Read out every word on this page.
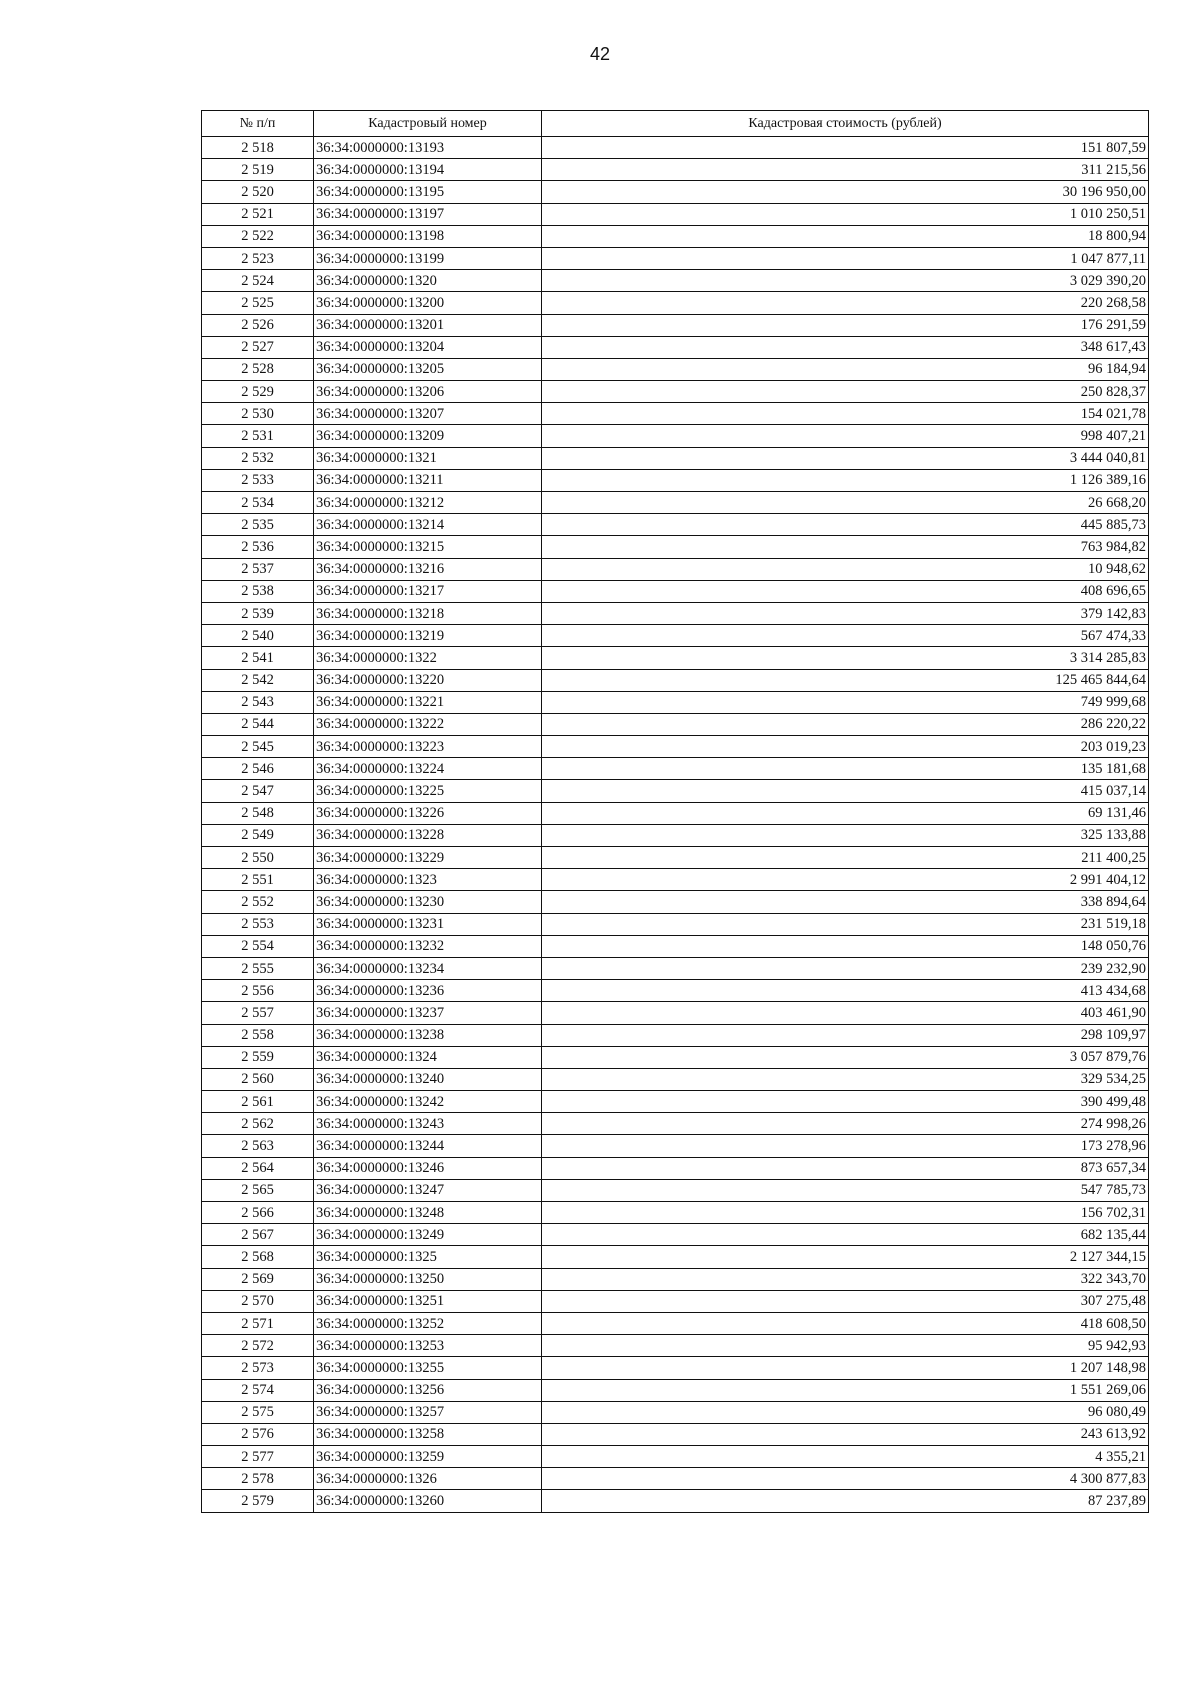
42
№ п/п	Кадастровый номер	Кадастровая стоимость (рублей)
2 518	36:34:0000000:13193	151 807,59
2 519	36:34:0000000:13194	311 215,56
2 520	36:34:0000000:13195	30 196 950,00
2 521	36:34:0000000:13197	1 010 250,51
2 522	36:34:0000000:13198	18 800,94
2 523	36:34:0000000:13199	1 047 877,11
2 524	36:34:0000000:1320	3 029 390,20
2 525	36:34:0000000:13200	220 268,58
2 526	36:34:0000000:13201	176 291,59
2 527	36:34:0000000:13204	348 617,43
2 528	36:34:0000000:13205	96 184,94
2 529	36:34:0000000:13206	250 828,37
2 530	36:34:0000000:13207	154 021,78
2 531	36:34:0000000:13209	998 407,21
2 532	36:34:0000000:1321	3 444 040,81
2 533	36:34:0000000:13211	1 126 389,16
2 534	36:34:0000000:13212	26 668,20
2 535	36:34:0000000:13214	445 885,73
2 536	36:34:0000000:13215	763 984,82
2 537	36:34:0000000:13216	10 948,62
2 538	36:34:0000000:13217	408 696,65
2 539	36:34:0000000:13218	379 142,83
2 540	36:34:0000000:13219	567 474,33
2 541	36:34:0000000:1322	3 314 285,83
2 542	36:34:0000000:13220	125 465 844,64
2 543	36:34:0000000:13221	749 999,68
2 544	36:34:0000000:13222	286 220,22
2 545	36:34:0000000:13223	203 019,23
2 546	36:34:0000000:13224	135 181,68
2 547	36:34:0000000:13225	415 037,14
2 548	36:34:0000000:13226	69 131,46
2 549	36:34:0000000:13228	325 133,88
2 550	36:34:0000000:13229	211 400,25
2 551	36:34:0000000:1323	2 991 404,12
2 552	36:34:0000000:13230	338 894,64
2 553	36:34:0000000:13231	231 519,18
2 554	36:34:0000000:13232	148 050,76
2 555	36:34:0000000:13234	239 232,90
2 556	36:34:0000000:13236	413 434,68
2 557	36:34:0000000:13237	403 461,90
2 558	36:34:0000000:13238	298 109,97
2 559	36:34:0000000:1324	3 057 879,76
2 560	36:34:0000000:13240	329 534,25
2 561	36:34:0000000:13242	390 499,48
2 562	36:34:0000000:13243	274 998,26
2 563	36:34:0000000:13244	173 278,96
2 564	36:34:0000000:13246	873 657,34
2 565	36:34:0000000:13247	547 785,73
2 566	36:34:0000000:13248	156 702,31
2 567	36:34:0000000:13249	682 135,44
2 568	36:34:0000000:1325	2 127 344,15
2 569	36:34:0000000:13250	322 343,70
2 570	36:34:0000000:13251	307 275,48
2 571	36:34:0000000:13252	418 608,50
2 572	36:34:0000000:13253	95 942,93
2 573	36:34:0000000:13255	1 207 148,98
2 574	36:34:0000000:13256	1 551 269,06
2 575	36:34:0000000:13257	96 080,49
2 576	36:34:0000000:13258	243 613,92
2 577	36:34:0000000:13259	4 355,21
2 578	36:34:0000000:1326	4 300 877,83
2 579	36:34:0000000:13260	87 237,89
